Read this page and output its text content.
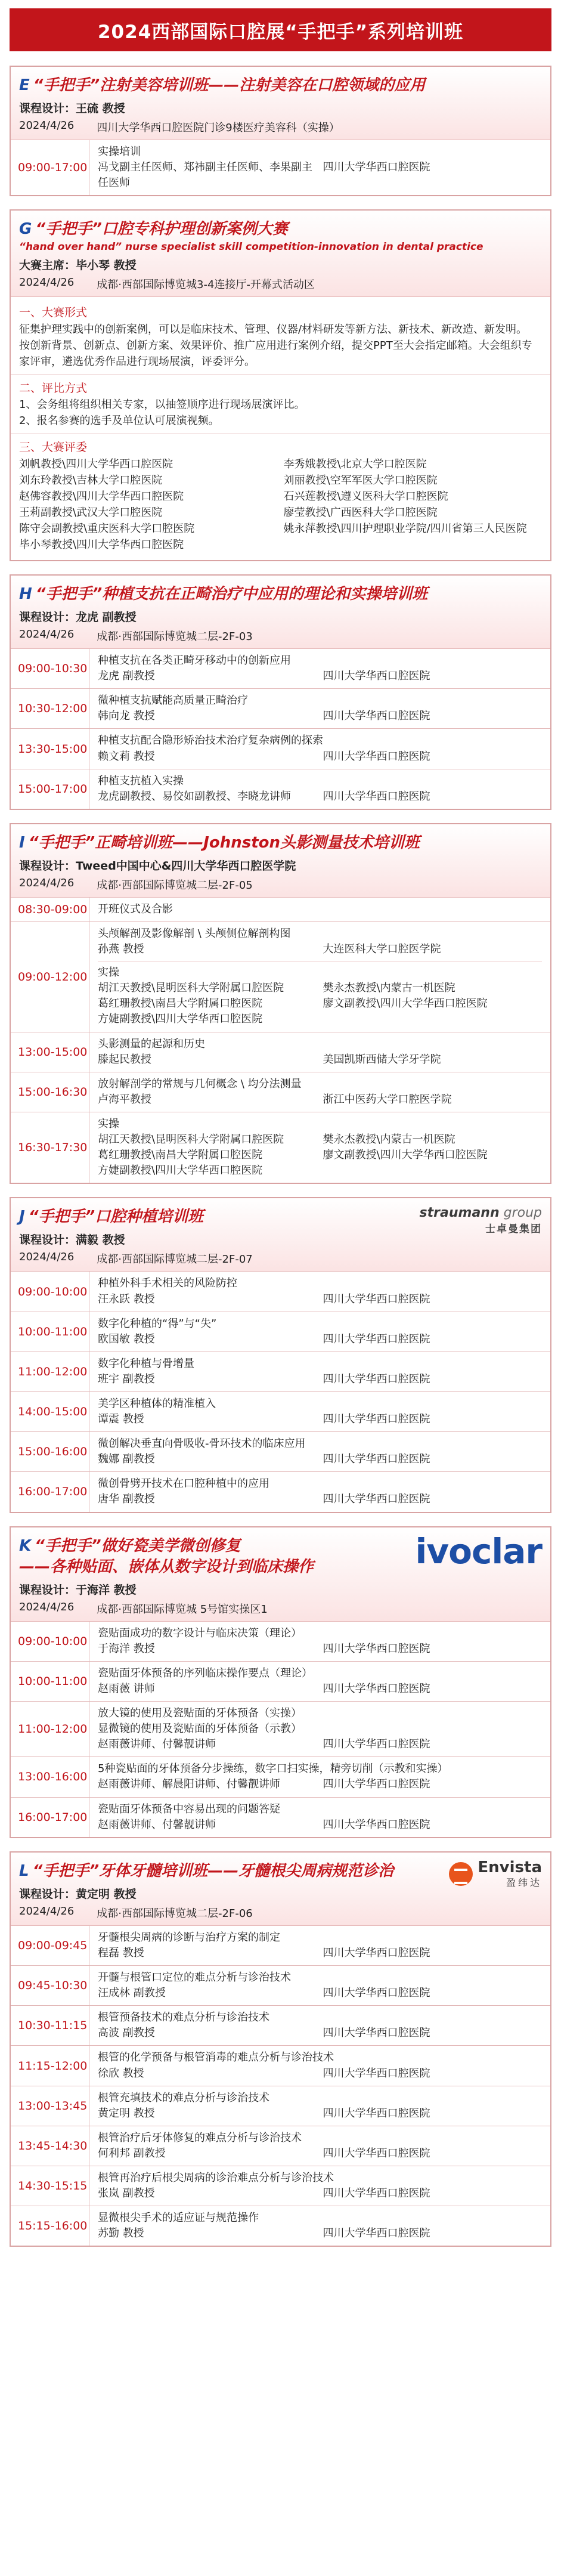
2024西部国际口腔展“手把手”系列培训班
E “手把手”注射美容培训班——注射美容在口腔领域的应用
课程设计：王硫 教授
2024/4/26 四川大学华西口腔医院门诊9楼医疗美容科（实操）
09:00-17:00
实操培训
冯戈副主任医师、郑祎副主任医师、李果副主任医师
四川大学华西口腔医院
G “手把手”口腔专科护理创新案例大赛
“hand over hand” nurse specialist skill competition-innovation in dental practice
大赛主席：毕小琴 教授
2024/4/26 成都·西部国际博览城3-4连接厅-开幕式活动区
一、大赛形式
征集护理实践中的创新案例，可以是临床技术、管理、仪器/材料研发等新方法、新技术、新改造、新发明。
按创新背景、创新点、创新方案、效果评价、推广应用进行案例介绍，提交PPT至大会指定邮箱。大会组织专家评审，遴选优秀作品进行现场展演，评委评分。
二、评比方式
1、会务组将组织相关专家，以抽签顺序进行现场展演评比。
2、报名参赛的选手及单位认可展演视频。
三、大赛评委
刘帆教授\四川大学华西口腔医院	李秀娥教授\北京大学口腔医院
刘东玲教授\吉林大学口腔医院	刘丽教授\空军军医大学口腔医院
赵佛容教授\四川大学华西口腔医院	石兴莲教授\遵义医科大学口腔医院
王莉副教授\武汉大学口腔医院	廖莹教授\广西医科大学口腔医院
陈守会副教授\重庆医科大学口腔医院	姚永萍教授\四川护理职业学院/四川省第三人民医院
毕小琴教授\四川大学华西口腔医院
H “手把手”种植支抗在正畸治疗中应用的理论和实操培训班
课程设计：龙虎 副教授
2024/4/26 成都·西部国际博览城二层-2F-03
09:00-10:30
种植支抗在各类正畸牙移动中的创新应用
龙虎 副教授	四川大学华西口腔医院
10:30-12:00
微种植支抗赋能高质量正畸治疗
韩向龙 教授	四川大学华西口腔医院
13:30-15:00
种植支抗配合隐形矫治技术治疗复杂病例的探索
赖文莉 教授	四川大学华西口腔医院
15:00-17:00
种植支抗植入实操
龙虎副教授、易佼如副教授、李晓龙讲师	四川大学华西口腔医院
I “手把手”正畸培训班——Johnston头影测量技术培训班
课程设计：Tweed中国中心&四川大学华西口腔医学院
2024/4/26 成都·西部国际博览城二层-2F-05
08:30-09:00 开班仪式及合影
09:00-12:00
头颅解剖及影像解剖 \ 头颅侧位解剖构图
孙燕 教授	大连医科大学口腔医学院
实操
胡江天教授\昆明医科大学附属口腔医院	樊永杰教授\内蒙古一机医院
葛红珊教授\南昌大学附属口腔医院	廖文副教授\四川大学华西口腔医院
方婕副教授\四川大学华西口腔医院
13:00-15:00
头影测量的起源和历史
滕起民教授	美国凯斯西储大学牙学院
15:00-16:30
放射解剖学的常规与几何概念 \ 均分法测量
卢海平教授	浙江中医药大学口腔医学院
16:30-17:30
实操
胡江天教授\昆明医科大学附属口腔医院	樊永杰教授\内蒙古一机医院
葛红珊教授\南昌大学附属口腔医院	廖文副教授\四川大学华西口腔医院
方婕副教授\四川大学华西口腔医院
straumann group
士卓曼集团
J “手把手”口腔种植培训班
课程设计：满毅 教授
2024/4/26 成都·西部国际博览城二层-2F-07
09:00-10:00
种植外科手术相关的风险防控
汪永跃 教授	四川大学华西口腔医院
10:00-11:00
数字化种植的“得”与“失”
欧国敏 教授	四川大学华西口腔医院
11:00-12:00
数字化种植与骨增量
班宇 副教授	四川大学华西口腔医院
14:00-15:00
美学区种植体的精准植入
谭震 教授	四川大学华西口腔医院
15:00-16:00
微创解决垂直向骨吸收-骨环技术的临床应用
魏娜 副教授	四川大学华西口腔医院
16:00-17:00
微创骨劈开技术在口腔种植中的应用
唐华 副教授	四川大学华西口腔医院
ivoclar
K “手把手”做好瓷美学微创修复
——各种贴面、嵌体从数字设计到临床操作
课程设计：于海洋 教授
2024/4/26 成都·西部国际博览城 5号馆实操区1
09:00-10:00
瓷贴面成功的数字设计与临床决策（理论）
于海洋 教授	四川大学华西口腔医院
10:00-11:00
瓷贴面牙体预备的序列临床操作要点（理论）
赵雨薇 讲师	四川大学华西口腔医院
11:00-12:00
放大镜的使用及瓷贴面的牙体预备（实操）
显微镜的使用及瓷贴面的牙体预备（示教）
赵雨薇讲师、付馨靓讲师	四川大学华西口腔医院
13:00-16:00
5种瓷贴面的牙体预备分步操练，数字口扫实操，精旁切削（示教和实操）
赵雨薇讲师、解晨阳讲师、付馨靓讲师	四川大学华西口腔医院
16:00-17:00
瓷贴面牙体预备中容易出现的问题答疑
赵雨薇讲师、付馨靓讲师	四川大学华西口腔医院
Envista
盈纬达
L “手把手”牙体牙髓培训班——牙髓根尖周病规范诊治
课程设计：黄定明 教授
2024/4/26 成都·西部国际博览城二层-2F-06
09:00-09:45
牙髓根尖周病的诊断与治疗方案的制定
程磊 教授	四川大学华西口腔医院
09:45-10:30
开髓与根管口定位的难点分析与诊治技术
汪成林 副教授	四川大学华西口腔医院
10:30-11:15
根管预备技术的难点分析与诊治技术
高波 副教授	四川大学华西口腔医院
11:15-12:00
根管的化学预备与根管消毒的难点分析与诊治技术
徐欣 教授	四川大学华西口腔医院
13:00-13:45
根管充填技术的难点分析与诊治技术
黄定明 教授	四川大学华西口腔医院
13:45-14:30
根管治疗后牙体修复的难点分析与诊治技术
何利邦 副教授	四川大学华西口腔医院
14:30-15:15
根管再治疗后根尖周病的诊治难点分析与诊治技术
张岚 副教授	四川大学华西口腔医院
15:15-16:00
显微根尖手术的适应证与规范操作
苏勤 教授	四川大学华西口腔医院
